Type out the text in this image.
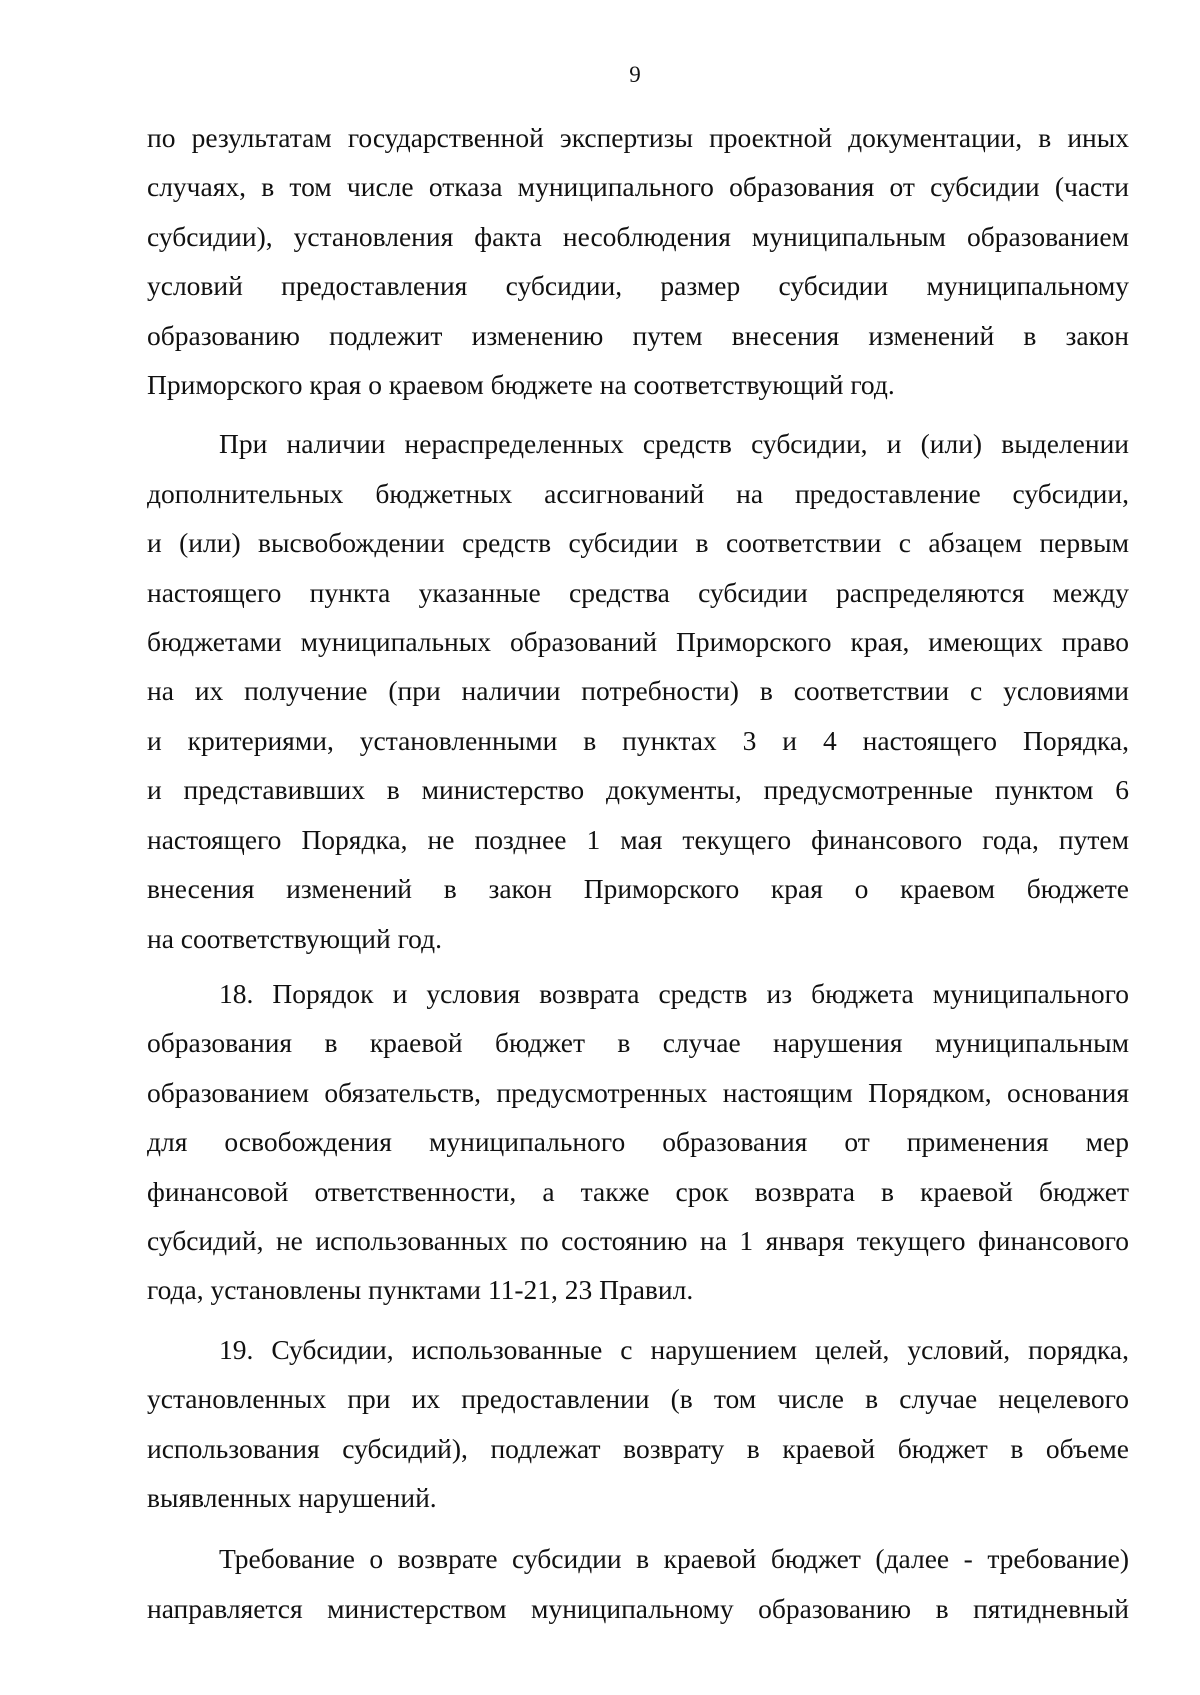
9
по результатам государственной экспертизы проектной документации, в иных
случаях, в том числе отказа муниципального образования от субсидии (части
субсидии), установления факта несоблюдения муниципальным образованием
условий предоставления субсидии, размер субсидии муниципальному
образованию подлежит изменению путем внесения изменений в закон
Приморского края о краевом бюджете на соответствующий год.
При наличии нераспределенных средств субсидии, и (или) выделении
дополнительных бюджетных ассигнований на предоставление субсидии,
и (или) высвобождении средств субсидии в соответствии с абзацем первым
настоящего пункта указанные средства субсидии распределяются между
бюджетами муниципальных образований Приморского края, имеющих право
на их получение (при наличии потребности) в соответствии с условиями
и критериями, установленными в пунктах 3 и 4 настоящего Порядка,
и представивших в министерство документы, предусмотренные пунктом 6
настоящего Порядка, не позднее 1 мая текущего финансового года, путем
внесения изменений в закон Приморского края о краевом бюджете
на соответствующий год.
18. Порядок и условия возврата средств из бюджета муниципального
образования в краевой бюджет в случае нарушения муниципальным
образованием обязательств, предусмотренных настоящим Порядком, основания
для освобождения муниципального образования от применения мер
финансовой ответственности, а также срок возврата в краевой бюджет
субсидий, не использованных по состоянию на 1 января текущего финансового
года, установлены пунктами 11-21, 23 Правил.
19. Субсидии, использованные с нарушением целей, условий, порядка,
установленных при их предоставлении (в том числе в случае нецелевого
использования субсидий), подлежат возврату в краевой бюджет в объеме
выявленных нарушений.
Требование о возврате субсидии в краевой бюджет (далее - требование)
направляется министерством муниципальному образованию в пятидневный
